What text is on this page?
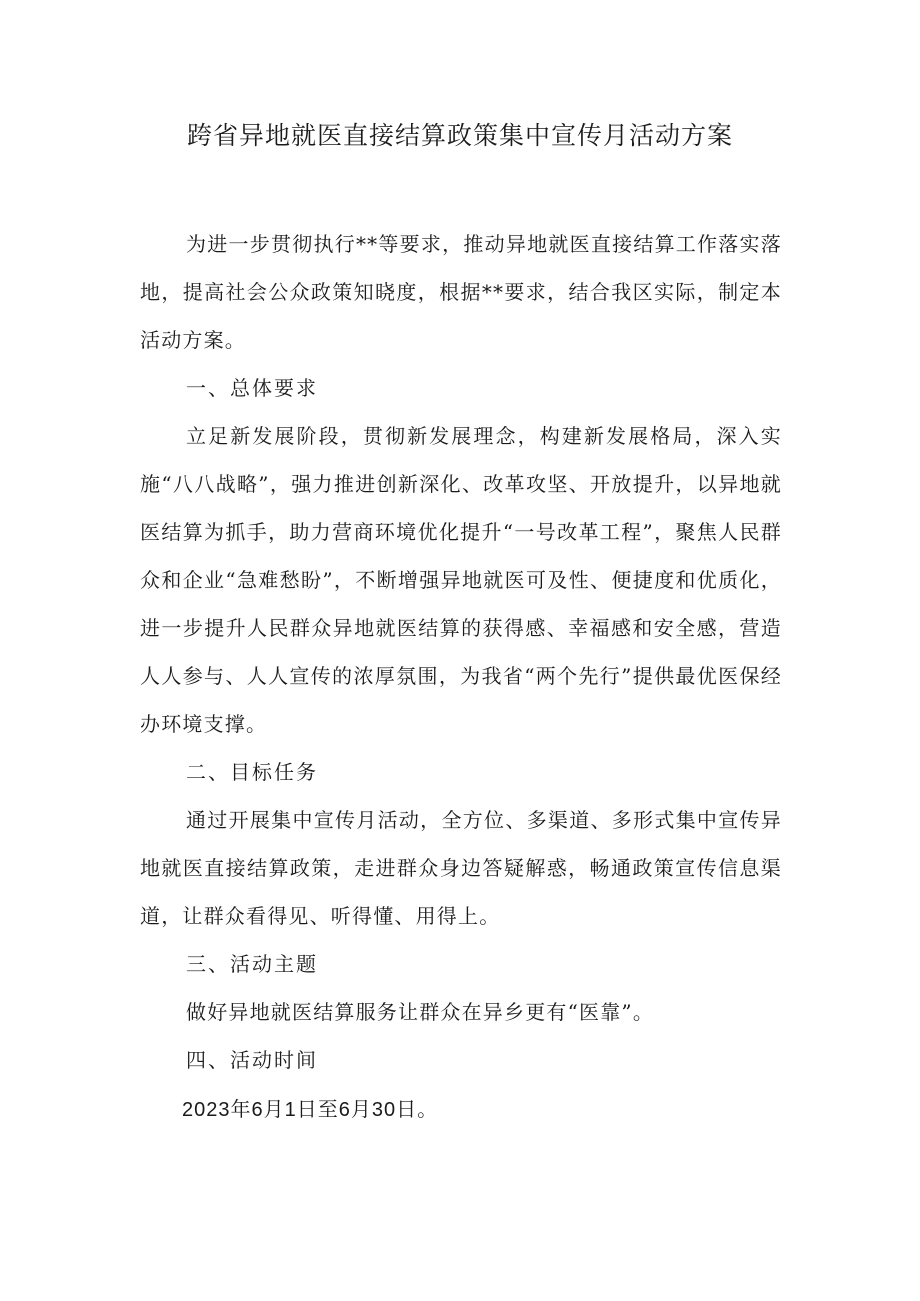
跨省异地就医直接结算政策集中宣传月活动方案

为进一步贯彻执行**等要求，推动异地就医直接结算工作落实落地，提高社会公众政策知晓度，根据**要求，结合我区实际，制定本活动方案。

一、总体要求

立足新发展阶段，贯彻新发展理念，构建新发展格局，深入实施“八八战略”，强力推进创新深化、改革攻坚、开放提升，以异地就医结算为抓手，助力营商环境优化提升“一号改革工程”，聚焦人民群众和企业“急难愁盼”，不断增强异地就医可及性、便捷度和优质化，进一步提升人民群众异地就医结算的获得感、幸福感和安全感，营造人人参与、人人宣传的浓厚氛围，为我省“两个先行”提供最优医保经办环境支撑。

二、目标任务

通过开展集中宣传月活动，全方位、多渠道、多形式集中宣传异地就医直接结算政策，走进群众身边答疑解惑，畅通政策宣传信息渠道，让群众看得见、听得懂、用得上。

三、活动主题

做好异地就医结算服务让群众在异乡更有“医靠”。

四、活动时间

2023年6月1日至6月30日。
